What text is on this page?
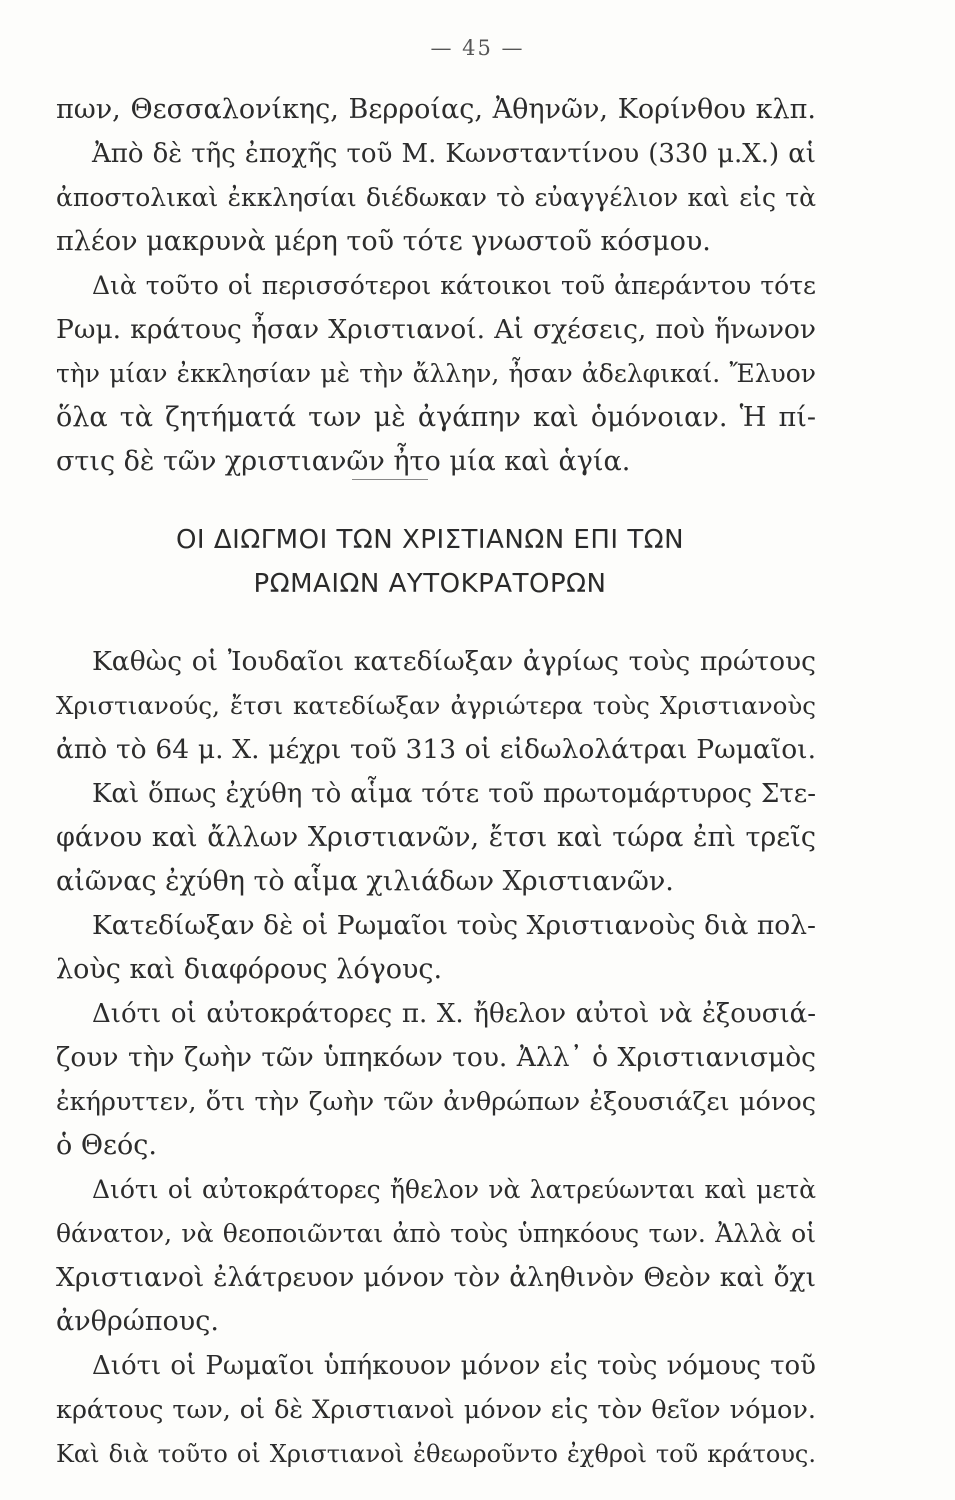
— 45 —
πων, Θεσσαλονίκης, Βερροίας, Ἀθηνῶν, Κορίνθου κλπ.
Ἀπὸ δὲ τῆς ἐποχῆς τοῦ Μ. Κωνσταντίνου (330 μ.Χ.) αἱ
ἀποστολικαὶ ἐκκλησίαι διέδωκαν τὸ εὐαγγέλιον καὶ εἰς τὰ
πλέον μακρυνὰ μέρη τοῦ τότε γνωστοῦ κόσμου.
Διὰ τοῦτο οἱ περισσότεροι κάτοικοι τοῦ ἀπεράντου τότε
Ρωμ. κράτους ἦσαν Χριστιανοί. Αἱ σχέσεις, ποὺ ἥνωνον
τὴν μίαν ἐκκλησίαν μὲ τὴν ἄλλην, ἦσαν ἀδελφικαί. Ἔλυον
ὅλα τὰ ζητήματά των μὲ ἀγάπην καὶ ὁμόνοιαν. Ἡ πί-
στις δὲ τῶν χριστιανῶν ἦτο μία καὶ ἁγία.
ΟΙ ΔΙΩΓΜΟΙ ΤΩΝ ΧΡΙΣΤΙΑΝΩΝ ΕΠΙ ΤΩΝ
ΡΩΜΑΙΩΝ ΑΥΤΟΚΡΑΤΟΡΩΝ
Καθὼς οἱ Ἰουδαῖοι κατεδίωξαν ἀγρίως τοὺς πρώτους
Χριστιανούς, ἔτσι κατεδίωξαν ἀγριώτερα τοὺς Χριστιανοὺς
ἀπὸ τὸ 64 μ. Χ. μέχρι τοῦ 313 οἱ εἰδωλολάτραι Ρωμαῖοι.
Καὶ ὅπως ἐχύθη τὸ αἷμα τότε τοῦ πρωτομάρτυρος Στε-
φάνου καὶ ἄλλων Χριστιανῶν, ἔτσι καὶ τώρα ἐπὶ τρεῖς
αἰῶνας ἐχύθη τὸ αἷμα χιλιάδων Χριστιανῶν.
Κατεδίωξαν δὲ οἱ Ρωμαῖοι τοὺς Χριστιανοὺς διὰ πολ-
λοὺς καὶ διαφόρους λόγους.
Διότι οἱ αὐτοκράτορες π. Χ. ἤθελον αὐτοὶ νὰ ἐξουσιά-
ζουν τὴν ζωὴν τῶν ὑπηκόων του. Ἀλλ᾽ ὁ Χριστιανισμὸς
ἐκήρυττεν, ὅτι τὴν ζωὴν τῶν ἀνθρώπων ἐξουσιάζει μόνος
ὁ Θεός.
Διότι οἱ αὐτοκράτορες ἤθελον νὰ λατρεύωνται καὶ μετὰ
θάνατον, νὰ θεοποιῶνται ἀπὸ τοὺς ὑπηκόους των. Ἀλλὰ οἱ
Χριστιανοὶ ἐλάτρευον μόνον τὸν ἀληθινὸν Θεὸν καὶ ὄχι
ἀνθρώπους.
Διότι οἱ Ρωμαῖοι ὑπήκουον μόνον εἰς τοὺς νόμους τοῦ
κράτους των, οἱ δὲ Χριστιανοὶ μόνον εἰς τὸν θεῖον νόμον.
Καὶ διὰ τοῦτο οἱ Χριστιανοὶ ἐθεωροῦντο ἐχθροὶ τοῦ κράτους.
